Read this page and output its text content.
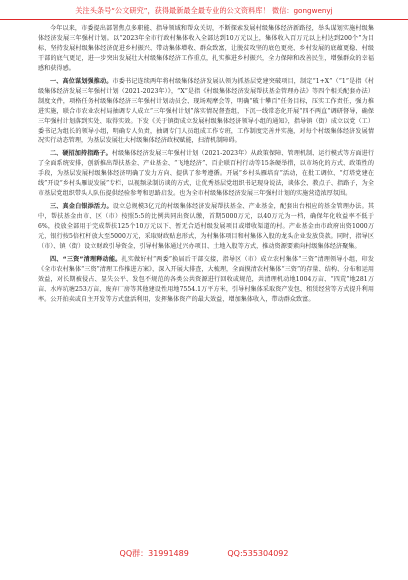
关注头条号“公文研究”，获得最新最全最专业的公文资料库！ 微信：gongwenyj

今年以来，市委提出部署焦点多职能、指导领域和帮众关切，不断探索发展村级集体经济新路径，举头谋划实施村级集体经济发展三年强村计划。以“2023年全市行政村集体收入全部达到10万元以上，集体收入百万元以上村达到200个”为目标，坚持发展村级集体经济促进乡村振兴、带动集体增收、群众致富，让脱贫攻坚的底色更亮、乡村发展的底蕴更稳、村级干部的底气更足，进一步突出发展壮大村级集体经济工作重点，扎实推进乡村振兴，全力保障和改善民生，增强群众的幸福感和获得感。

一、高位谋划强推动。市委书记连续两年将村级集体经济发展认领为抓基层党建突破项目，制定“1+X”（“1”是指《村级集体经济发展三年强村计划（2021-2023年）》，“X”是指《村级集体经济发展帮扶基金管理办法》等四个相关配套办法）制度文件，项格任务村级集体经济三年强村计划动员会、现场观摩会等，明确“破十攀百”任务目标，压实工作责任，强力推进实施，联合市农业农村局抽调专人成立“三年强村计划”落实情况督查组，下沉一线常态化开展“四不两直”调研督导，确保三年强村计划落到实处、取得实效。下发《关于镇街成立发展村级集体经济领导小组的通知》，指导镇（街）成立以党（工）委书记为组长的领导小组，明确专人负责，抽调专门人员组成工作专班，工作制度完善并实施，对每个村级集体经济发展情况实行动态管理，为基层发展壮大村级集体经济政权赋能，扫清机制障碍。

二、硬招加持指路子。村级集体经济发展三年强村计划（2021-2023年）从政策保障、管理机制、运行模式等方面进行了全面系统安排，创新推出帮扶基金、产业基金、“飞地经济”、百企联百村行动等15条硬举措，以市场化的方式、政策性的手段，为基层发展村级集体经济明确了发力方向、提供了参考遵循。开展“乡村头雁培育”活动，在批工调位、“灯塔党建在线”开设“乡村头雁说发展”专栏，以视频录制访谈的方式，让优秀基层党组织书记现身说法，谈体会、教点子、指路子，为全市基层党组织带头人队伍提供经验参考和思路启发。也为全市村级集体经济发展三年强村计划的实施营造浓厚氛围。

三、真金白银添活力。设立总规模3亿元的村级集体经济发展帮扶基金、产业基金，配套出台相应的基金管理办法。其中，帮扶基金由市、区（市）按照5:5的比例共同出资认缴，首期5000万元，以40万元为一档，确保年化收益率不低于6%，投放全部用于完成帮扶125个10万元以下、暂无合适村级发展项目或增收渠道的村。产业基金由市政府出资1000万元，银行按5倍杠杆放大至5000万元，采取财政贴息形式，为村集体项目和村集体入股的龙头企业发放贷款。同时，指导区（市）、镇（街）设立财政引导资金，引导村集体通过兴办项目、土地入股等方式，推动资源要素向村级集体经济聚集。

四、“三资”清理释动能。扎实做好村“两委”换届后干部交接，指导区（市）成立农村集体“三资”清理领导小组，印发《全市农村集体“三资”清理工作推进方案》，深入开展大排查，大梳理，全面摸清农村集体“三资”的存量、结构、分布和运用效益，对长期被侵占、显失公平、发包不规范的各类公共资源进行回收或规范，共清理机动地1004万亩、“四荒”地281万亩、水库坑塘253万亩，废弃厂房等其他建设性用地7554.1万平方米，引导村集体采取资产发包、租赁经营等方式提升利用率。公开拍卖或自主开发等方式盘活利用，发挥集体资产的最大效益，增加集体收入，带动群众致富。

QQ群：31991489	QQ:535304092
